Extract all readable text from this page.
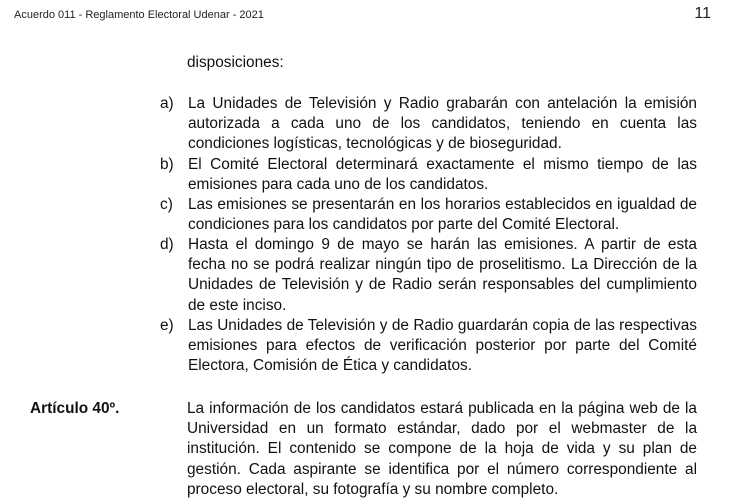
Acuerdo 011 - Reglamento Electoral Udenar - 2021	11
disposiciones:
a) La Unidades de Televisión y Radio grabarán con antelación la emisión autorizada a cada uno de los candidatos, teniendo en cuenta las condiciones logísticas, tecnológicas y de bioseguridad.
b) El Comité Electoral determinará exactamente el mismo tiempo de las emisiones para cada uno de los candidatos.
c) Las emisiones se presentarán en los horarios establecidos en igualdad de condiciones para los candidatos por parte del Comité Electoral.
d) Hasta el domingo 9 de mayo se harán las emisiones. A partir de esta fecha no se podrá realizar ningún tipo de proselitismo. La Dirección de la Unidades de Televisión y de Radio serán responsables del cumplimiento de este inciso.
e) Las Unidades de Televisión y de Radio guardarán copia de las respectivas emisiones para efectos de verificación posterior por parte del Comité Electora, Comisión de Ética y candidatos.
Artículo 40º.	La información de los candidatos estará publicada en la página web de la Universidad en un formato estándar, dado por el webmaster de la institución. El contenido se compone de la hoja de vida y su plan de gestión. Cada aspirante se identifica por el número correspondiente al proceso electoral, su fotografía y su nombre completo.
